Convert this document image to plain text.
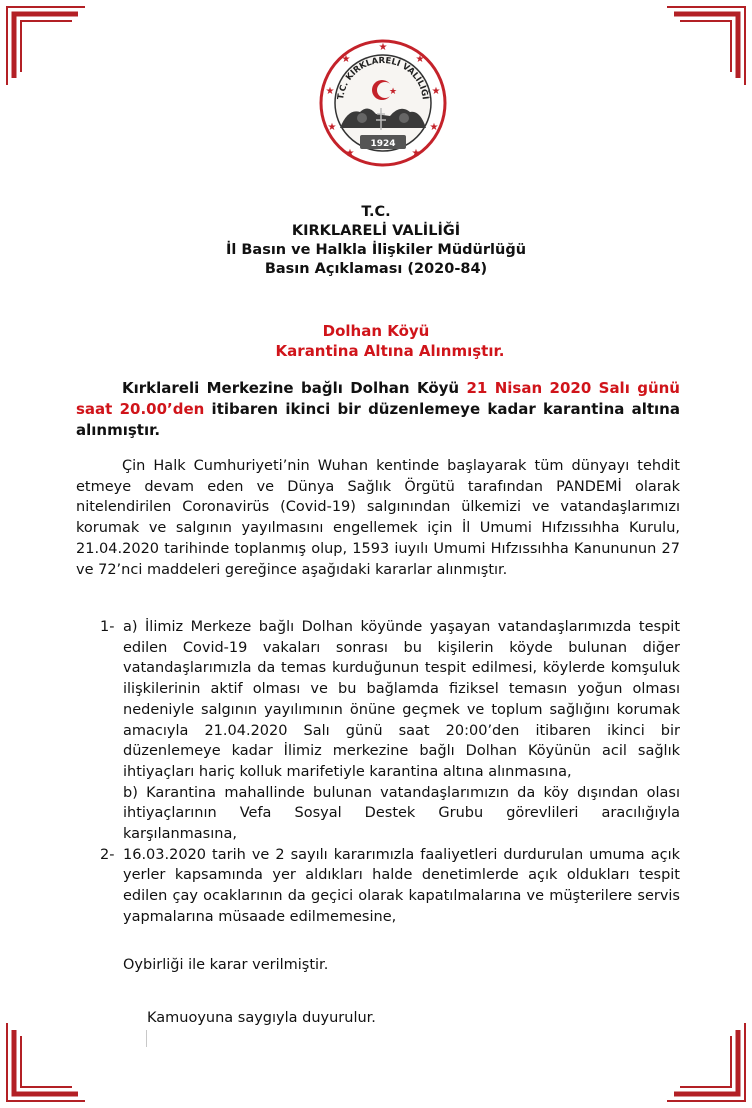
★
★	★
★	★
★	★
★	★
T.C. KIRKLARELİ VALİLİĞİ
★
1924
T.C.
KIRKLARELİ VALİLİĞİ
İl Basın ve Halkla İlişkiler Müdürlüğü
Basın Açıklaması (2020-84)
Dolhan Köyü
Karantina Altına Alınmıştır.
Kırklareli Merkezine bağlı Dolhan Köyü 21 Nisan 2020 Salı günü saat 20.00’den itibaren ikinci bir düzenlemeye kadar karantina altına alınmıştır.
Çin Halk Cumhuriyeti’nin Wuhan kentinde başlayarak tüm dünyayı tehdit etmeye devam eden ve Dünya Sağlık Örgütü tarafından PANDEMİ olarak nitelendirilen Coronavirüs (Covid-19) salgınından ülkemizi ve vatandaşlarımızı korumak ve salgının yayılmasını engellemek için İl Umumi Hıfzıssıhha Kurulu, 21.04.2020 tarihinde toplanmış olup, 1593 iuyılı Umumi Hıfzıssıhha Kanununun 27 ve 72’nci maddeleri gereğince aşağıdaki kararlar alınmıştır.
1- a) İlimiz Merkeze bağlı Dolhan köyünde yaşayan vatandaşlarımızda tespit edilen Covid-19 vakaları sonrası bu kişilerin köyde bulunan diğer vatandaşlarımızla da temas kurduğunun tespit edilmesi, köylerde komşuluk ilişkilerinin aktif olması ve bu bağlamda fiziksel temasın yoğun olması nedeniyle salgının yayılımının önüne geçmek ve toplum sağlığını korumak amacıyla 21.04.2020 Salı günü saat 20:00’den itibaren ikinci bir düzenlemeye kadar İlimiz merkezine bağlı Dolhan Köyünün acil sağlık ihtiyaçları hariç kolluk marifetiyle karantina altına alınmasına,
b) Karantina mahallinde bulunan vatandaşlarımızın da köy dışından olası ihtiyaçlarının Vefa Sosyal Destek Grubu görevlileri aracılığıyla karşılanmasına,
2- 16.03.2020 tarih ve 2 sayılı kararımızla faaliyetleri durdurulan umuma açık yerler kapsamında yer aldıkları halde denetimlerde açık oldukları tespit edilen çay ocaklarının da geçici olarak kapatılmalarına ve müşterilere servis yapmalarına müsaade edilmemesine,
Oybirliği ile karar verilmiştir.
Kamuoyuna saygıyla duyurulur.
